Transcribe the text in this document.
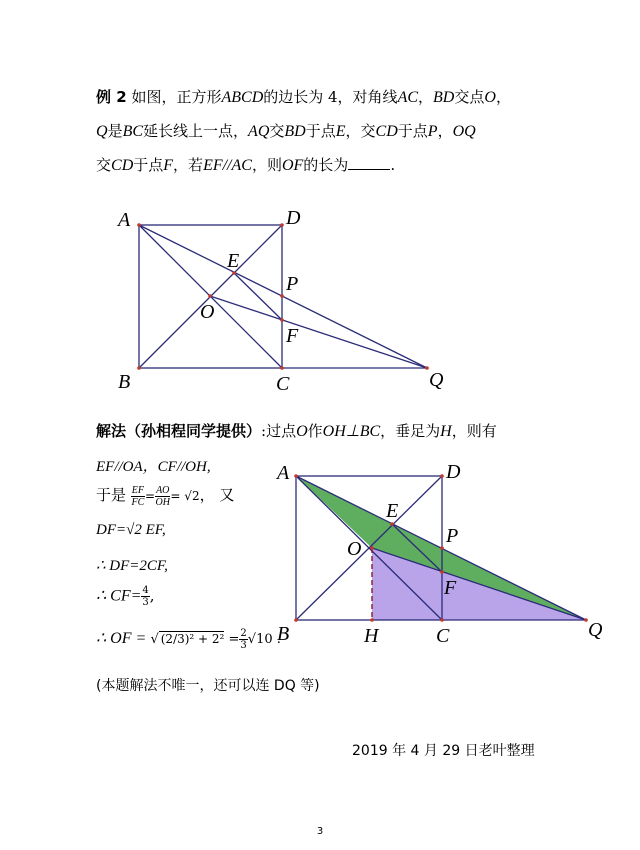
例 2 如图，正方形ABCD的边长为 4，对角线AC，BD交点O，
Q是BC延长线上一点，AQ交BD于点E，交CD于点P，OQ
交CD于点F，若EF//AC，则OF的长为	.
A	D
B	C	Q
E
O
P
F
解法（孙相程同学提供）:过点O作OH⊥BC，垂足为H，则有
EF//OA，CF//OH,
于是 $\frac{EF}{FC} = \frac{AO}{OH} = √2$， 又
DF=√2 EF,
∴ DF=2CF,
∴ $CF= \frac{4}{3}$ ,
∴ OF = √ $(2/3)^2 + 2^2 = \frac{2}{3} √10$ .
(本题解法不唯一，还可以连 DQ 等)
A	D
B	C
H	Q
E
O
P
F
2019 年 4 月 29 日老叶整理
3
